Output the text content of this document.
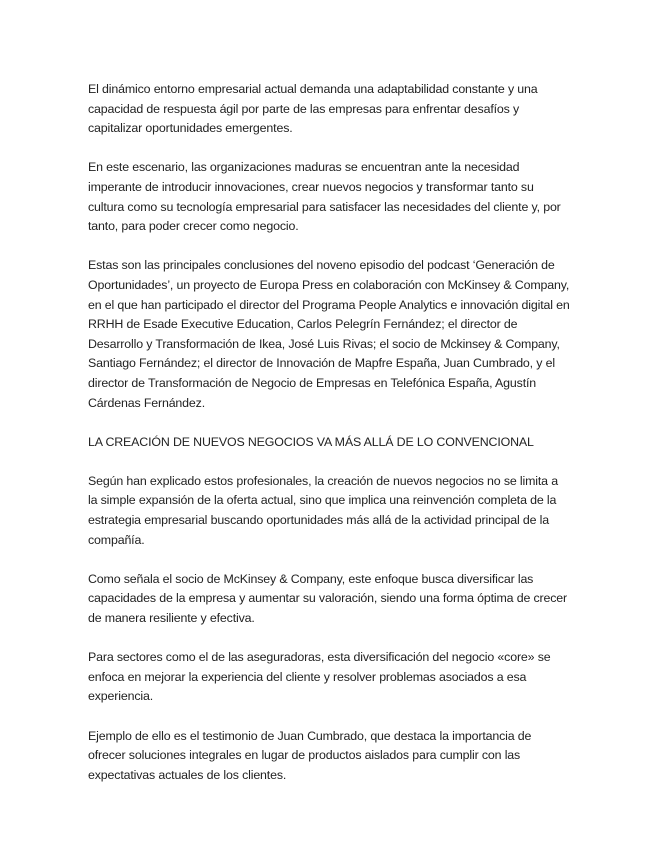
El dinámico entorno empresarial actual demanda una adaptabilidad constante y una capacidad de respuesta ágil por parte de las empresas para enfrentar desafíos y capitalizar oportunidades emergentes.

En este escenario, las organizaciones maduras se encuentran ante la necesidad imperante de introducir innovaciones, crear nuevos negocios y transformar tanto su cultura como su tecnología empresarial para satisfacer las necesidades del cliente y, por tanto, para poder crecer como negocio.

Estas son las principales conclusiones del noveno episodio del podcast ‘Generación de Oportunidades’, un proyecto de Europa Press en colaboración con McKinsey & Company, en el que han participado el director del Programa People Analytics e innovación digital en RRHH de Esade Executive Education, Carlos Pelegrín Fernández; el director de Desarrollo y Transformación de Ikea, José Luis Rivas; el socio de Mckinsey & Company, Santiago Fernández; el director de Innovación de Mapfre España, Juan Cumbrado, y el director de Transformación de Negocio de Empresas en Telefónica España, Agustín Cárdenas Fernández.

LA CREACIÓN DE NUEVOS NEGOCIOS VA MÁS ALLÁ DE LO CONVENCIONAL

Según han explicado estos profesionales, la creación de nuevos negocios no se limita a la simple expansión de la oferta actual, sino que implica una reinvención completa de la estrategia empresarial buscando oportunidades más allá de la actividad principal de la compañía.

Como señala el socio de McKinsey & Company, este enfoque busca diversificar las capacidades de la empresa y aumentar su valoración, siendo una forma óptima de crecer de manera resiliente y efectiva.

Para sectores como el de las aseguradoras, esta diversificación del negocio «core» se enfoca en mejorar la experiencia del cliente y resolver problemas asociados a esa experiencia.

Ejemplo de ello es el testimonio de Juan Cumbrado, que destaca la importancia de ofrecer soluciones integrales en lugar de productos aislados para cumplir con las expectativas actuales de los clientes.
